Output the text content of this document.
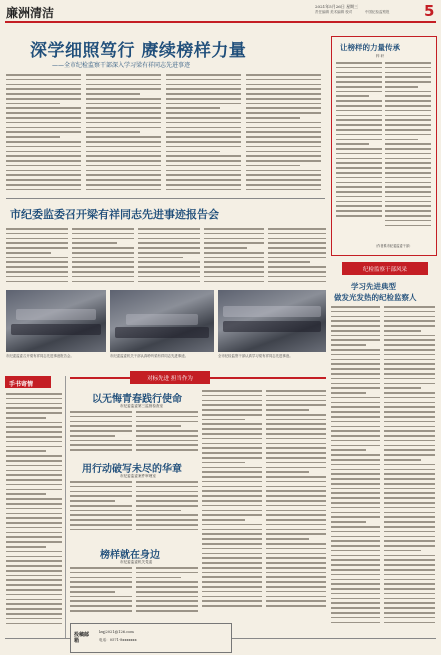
廉洲清洁	2021年5月26日 星期三
责任编辑 美术编辑 校对	中国纪检监察报 5
深学细照笃行 赓续榜样力量
——全市纪检监察干部深入学习梁有祥同志先进事迹
让榜样的力量传承
梓 轩
（作者系市纪委监委干部）
市纪委监委召开梁有祥同志先进事迹报告会
市纪委监委召开梁有祥同志先进事迹报告会。	市纪委监委机关干部认真聆听梁有祥同志先进事迹。	全市纪检监察干部认真学习梁有祥同志先进事迹。
纪检监察干部风采
学习先进典型
做发光发热的纪检监察人
对标先进 担当作为
手书寄情
以无悔青春践行使命
市纪委监委第三监督检查室
用行动破写未尽的华章
市纪委监委案件审理室
榜样就在身边
市纪委监委机关党委
投稿邮箱
lzqj2021@126.com
电话：0571-8xxxxxxx
